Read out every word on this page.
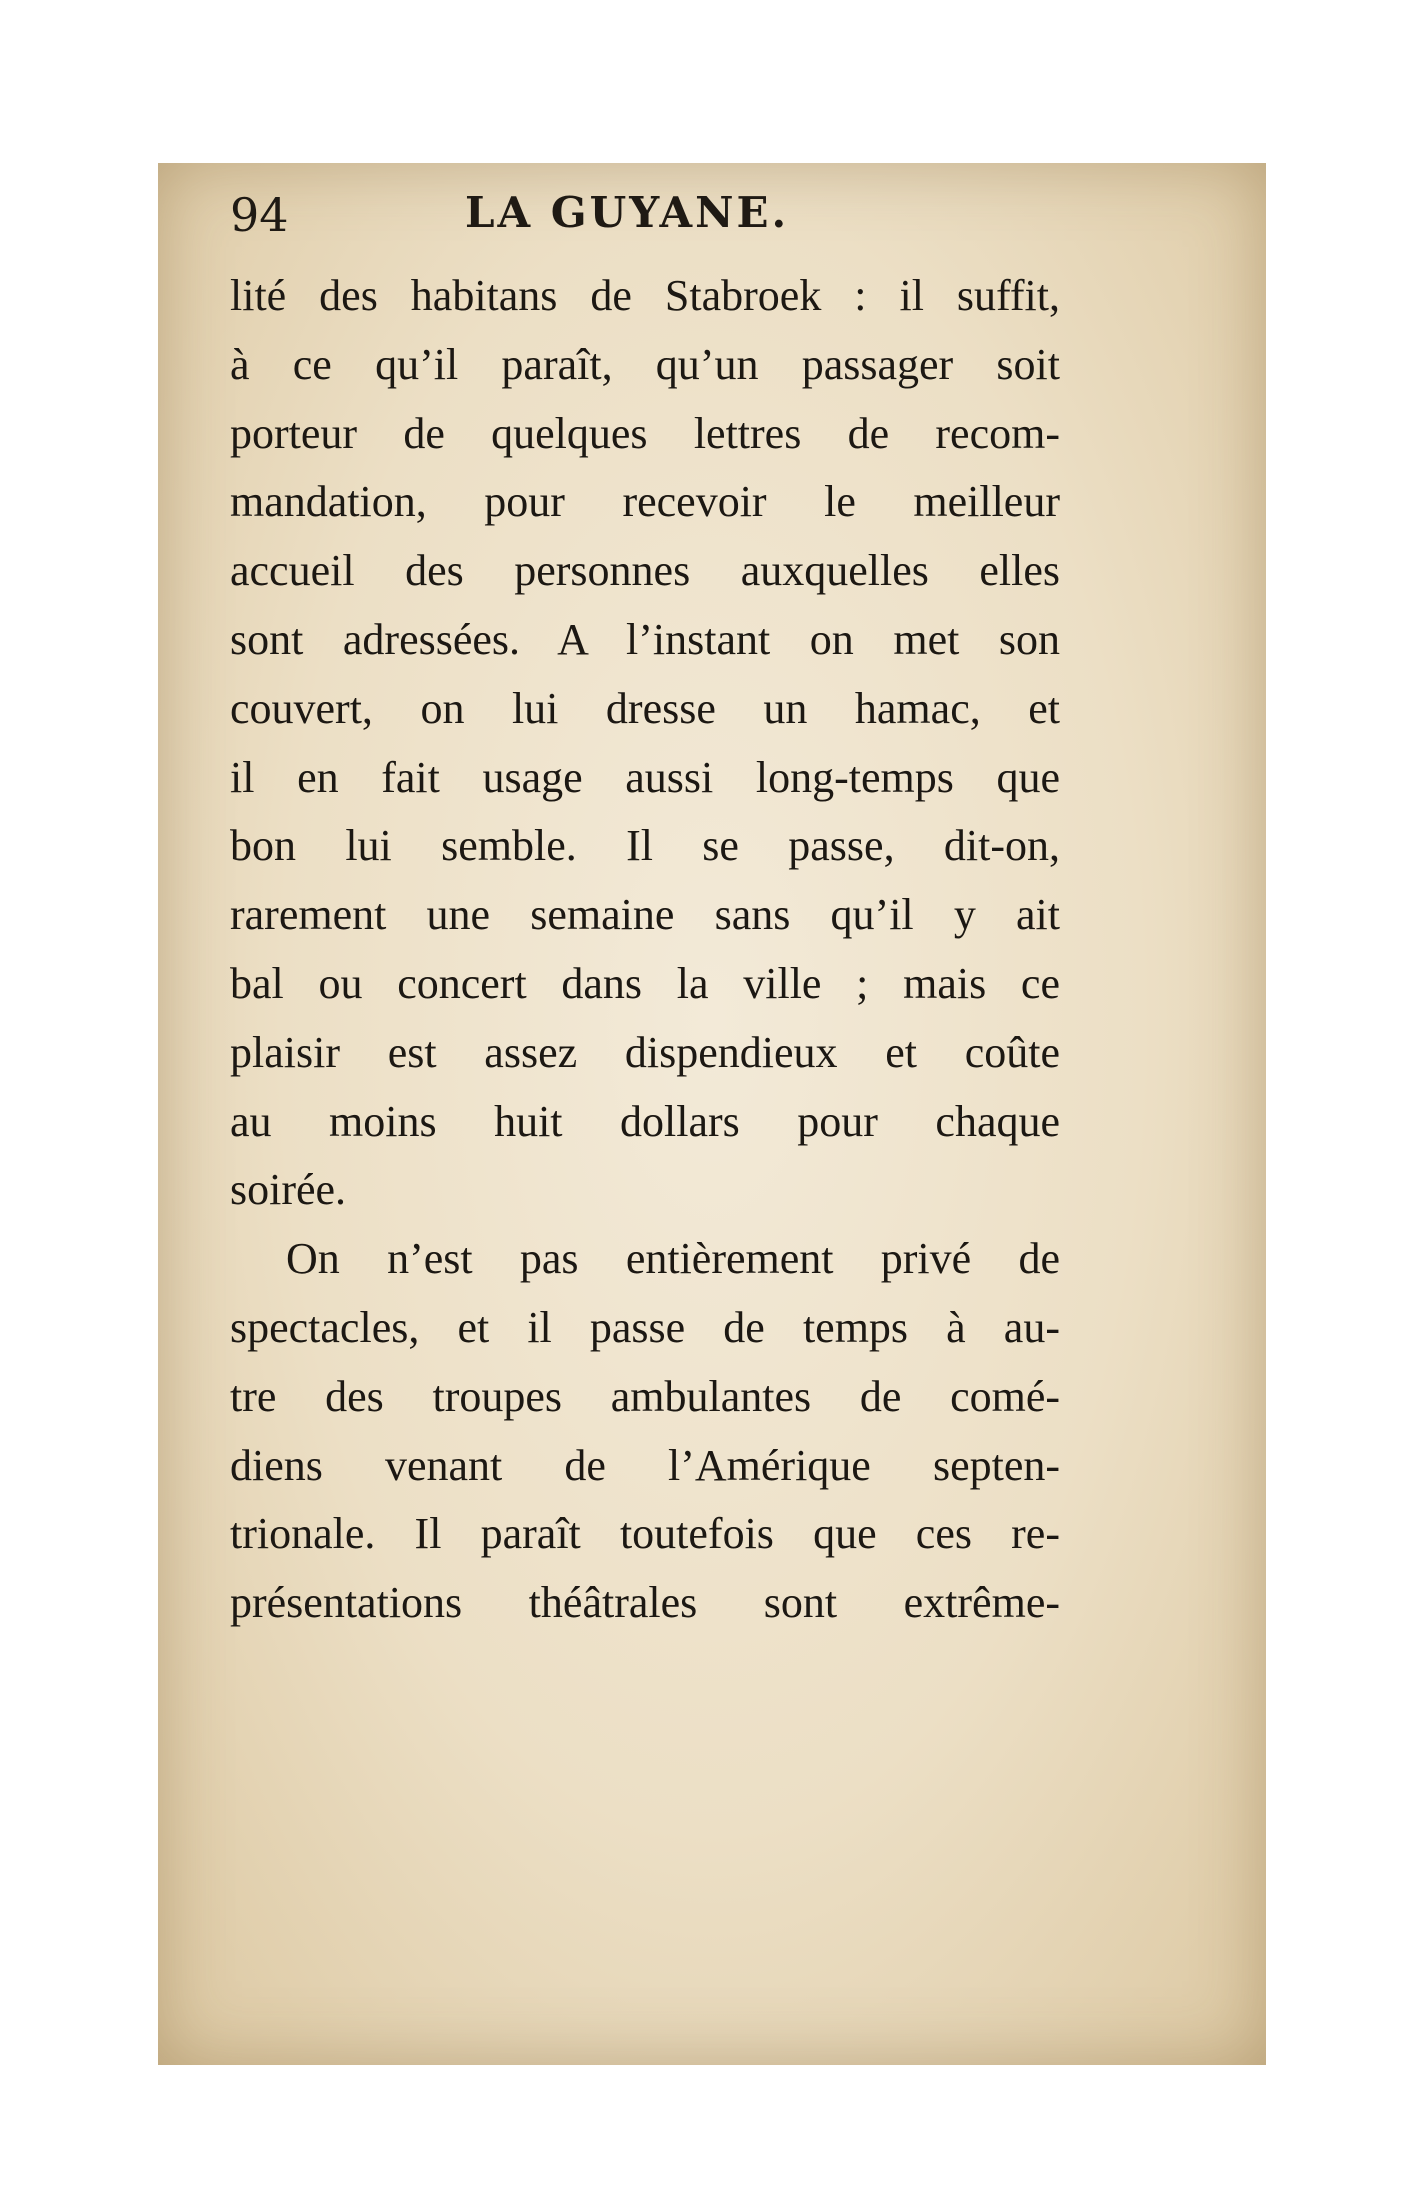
94	LA GUYANE.
lité des habitans de Stabroek : il suffit,
à ce qu’il paraît, qu’un passager soit
porteur de quelques lettres de recom-
mandation, pour recevoir le meilleur
accueil des personnes auxquelles elles
sont adressées. A l’instant on met son
couvert, on lui dresse un hamac, et
il en fait usage aussi long-temps que
bon lui semble. Il se passe, dit-on,
rarement une semaine sans qu’il y ait
bal ou concert dans la ville ; mais ce
plaisir est assez dispendieux et coûte
au moins huit dollars pour chaque
soirée.
On n’est pas entièrement privé de
spectacles, et il passe de temps à au-
tre des troupes ambulantes de comé-
diens venant de l’Amérique septen-
trionale. Il paraît toutefois que ces re-
présentations théâtrales sont extrême-
